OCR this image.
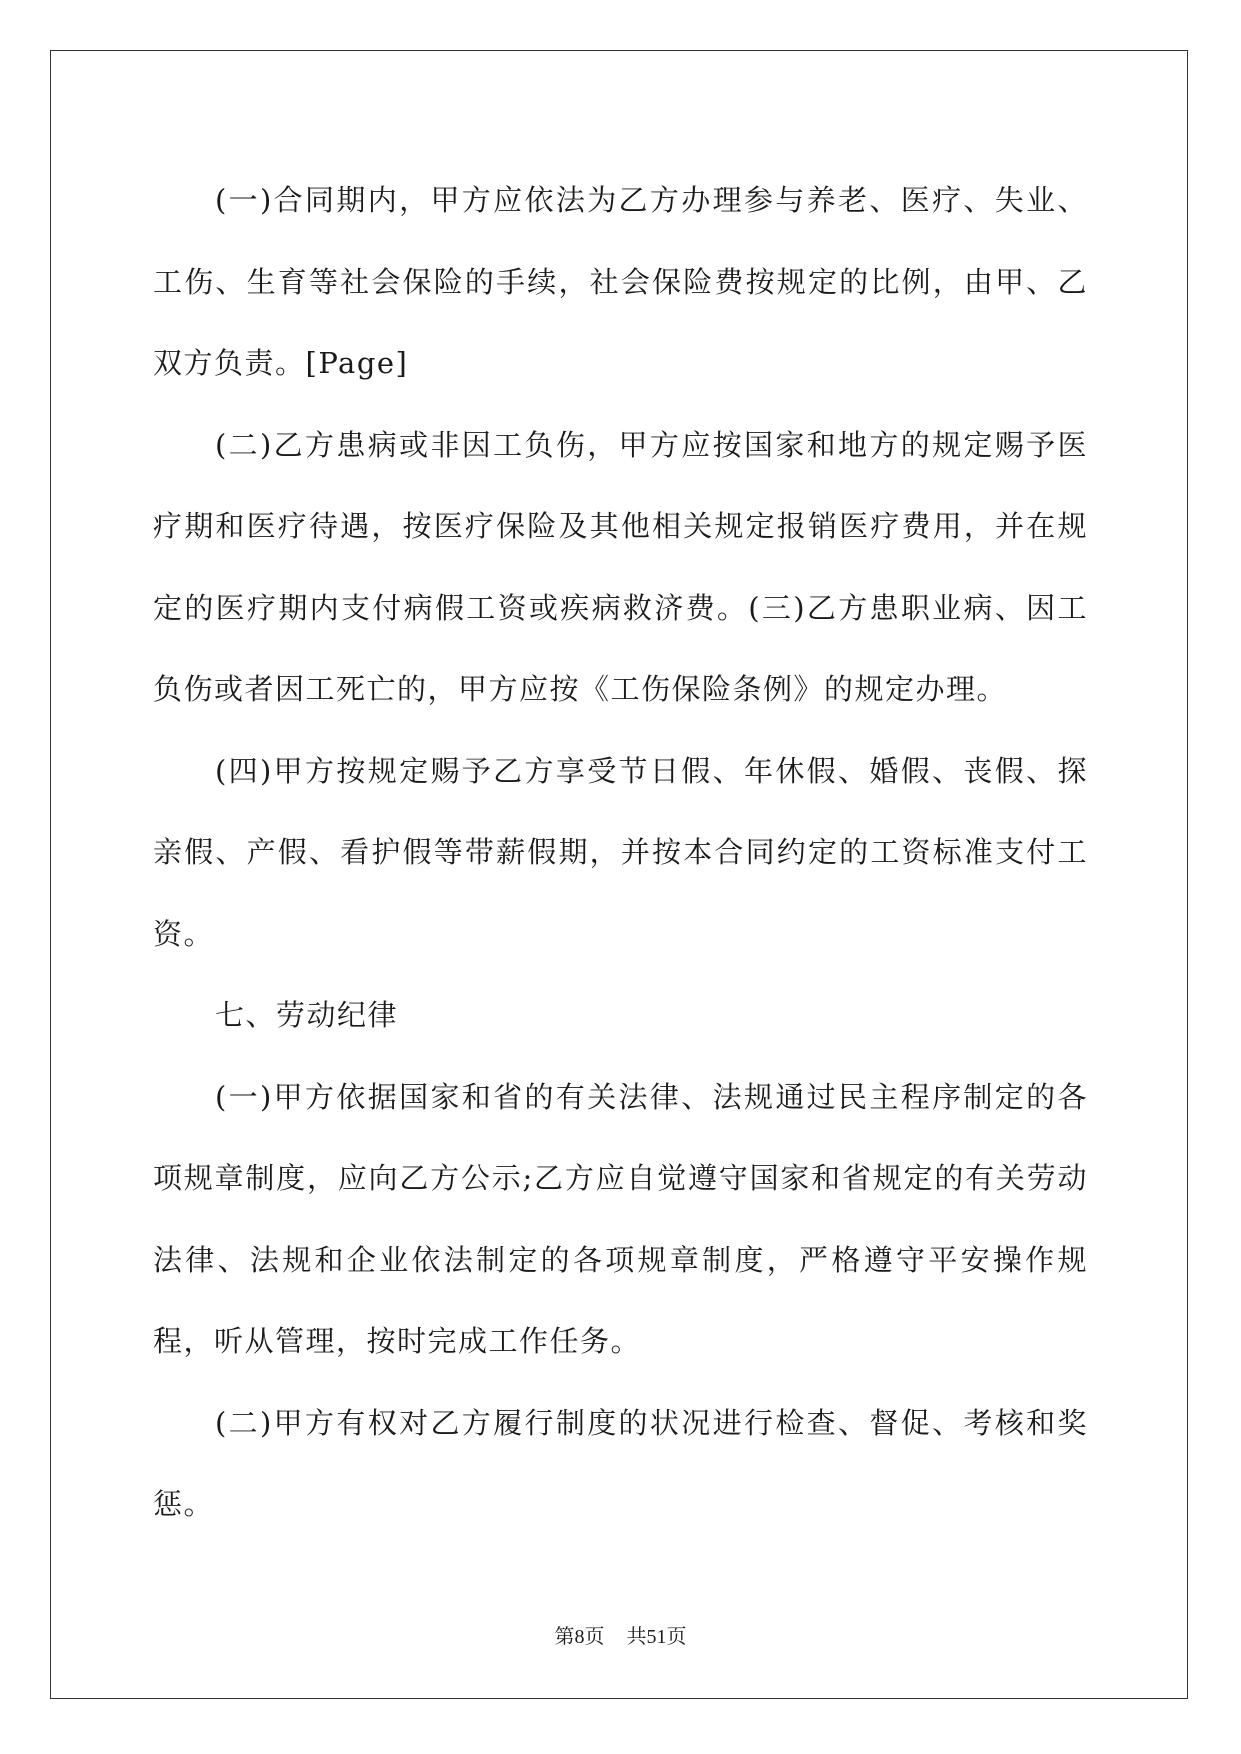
(一)合同期内，甲方应依法为乙方办理参与养老、医疗、失业、工伤、生育等社会保险的手续，社会保险费按规定的比例，由甲、乙双方负责。[Page]

(二)乙方患病或非因工负伤，甲方应按国家和地方的规定赐予医疗期和医疗待遇，按医疗保险及其他相关规定报销医疗费用，并在规定的医疗期内支付病假工资或疾病救济费。(三)乙方患职业病、因工负伤或者因工死亡的，甲方应按《工伤保险条例》的规定办理。

(四)甲方按规定赐予乙方享受节日假、年休假、婚假、丧假、探亲假、产假、看护假等带薪假期，并按本合同约定的工资标准支付工资。

七、劳动纪律

(一)甲方依据国家和省的有关法律、法规通过民主程序制定的各项规章制度，应向乙方公示;乙方应自觉遵守国家和省规定的有关劳动法律、法规和企业依法制定的各项规章制度，严格遵守平安操作规程，听从管理，按时完成工作任务。

(二)甲方有权对乙方履行制度的状况进行检查、督促、考核和奖惩。

第8页 共51页
